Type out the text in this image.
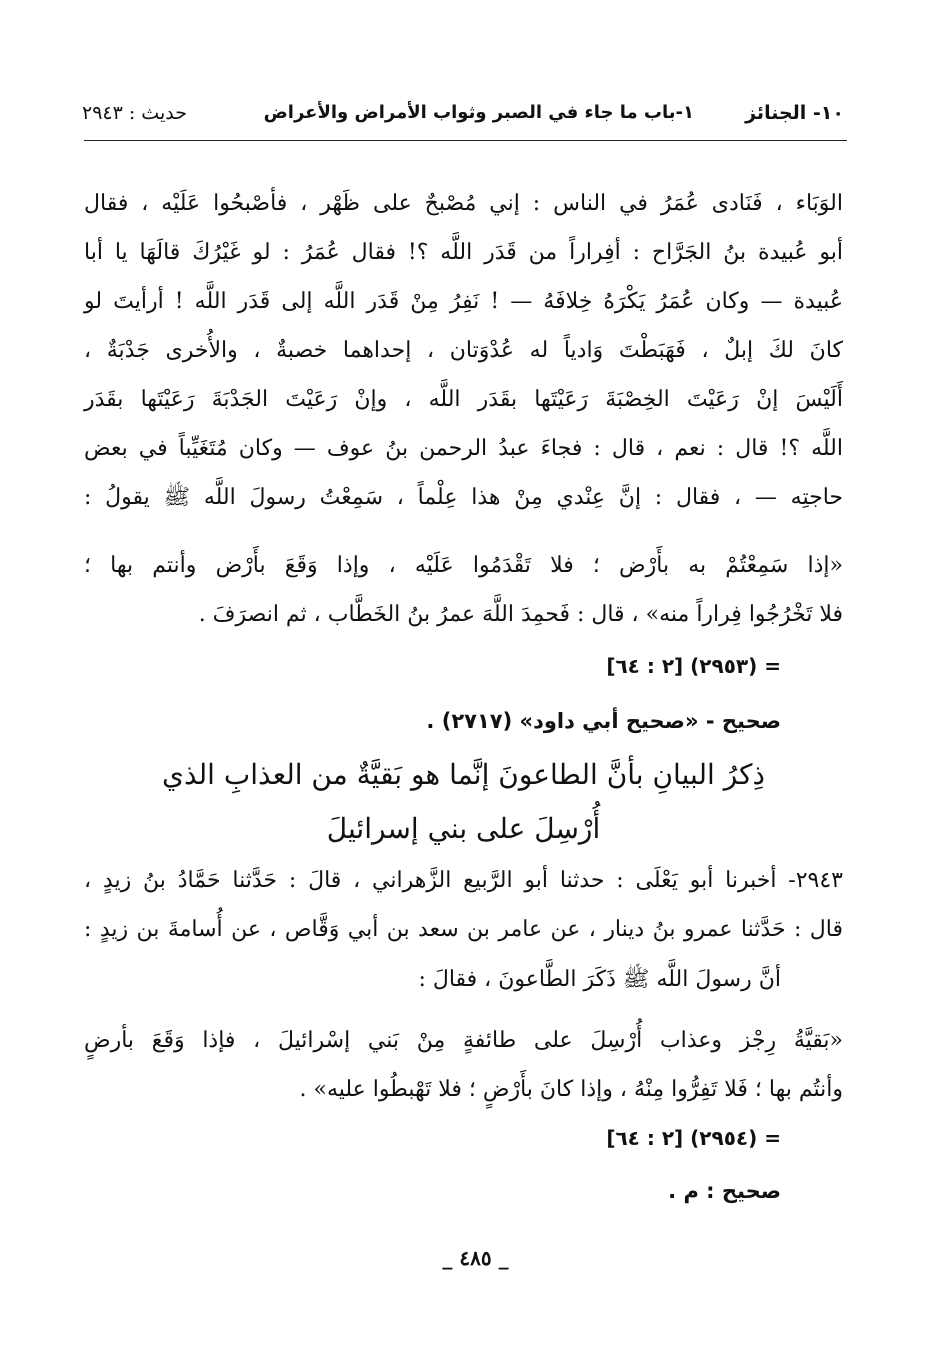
١٠- الجنائز
١-باب ما جاء في الصبر وثواب الأمراض والأعراض
حديث : ٢٩٤٣
الوَبَاء ، فَنَادى عُمَرُ في الناس : إني مُصْبحٌ على ظَهْر ، فأصْبحُوا عَلَيْه ، فقال
أبو عُبيدة بنُ الجَرَّاح : أفِراراً من قَدَر اللَّه ؟! فقال عُمَرُ : لو غَيْرُكَ قالَهَا يا أبا
عُبيدة — وكان عُمَرُ يَكْرَهُ خِلافَهُ — ! نَفِرُ مِنْ قَدَر اللَّه إلى قَدَر اللَّه ! أرأيتَ لو
كانَ لكَ إبلٌ ، فَهَبَطْتَ وَادياً له عُدْوَتان ، إحداهما خصبةٌ ، والأُخرى جَدْبَةٌ ،
أَلَيْسَ إنْ رَعَيْتَ الخِصْبَةَ رَعَيْتَها بقَدَر اللَّه ، وإنْ رَعَيْتَ الجَدْبَةَ رَعَيْتَها بقَدَر
اللَّه ؟! قال : نعم ، قال : فجاءَ عبدُ الرحمن بنُ عوف — وكان مُتَغَيِّباً في بعض
حاجتِه — ، فقال : إنَّ عِنْدي مِنْ هذا عِلْماً ، سَمِعْتُ رسولَ اللَّه ﷺ يقولُ :
«إذا سَمِعْتُمْ به بأَرْض ؛ فلا تَقْدَمُوا عَلَيْه ، وإذا وَقَعَ بأَرْض وأنتم بها ؛
فلا تَخْرُجُوا فِراراً منه» ، قال : فَحمِدَ اللَّهَ عمرُ بنُ الخَطَّاب ، ثم انصرَفَ .
= (٢٩٥٣) [٢ : ٦٤]
صحيح - «صحيح أبي داود» (٢٧١٧) .
ذِكرُ البيانِ بأنَّ الطاعونَ إنَّما هو بَقيَّةٌ من العذابِ الذي
أُرْسِلَ على بني إسرائيلَ
٢٩٤٣- أخبرنا أبو يَعْلَى : حدثنا أبو الرَّبيع الزَّهراني ، قالَ : حَدَّثنا حَمَّادُ بنُ زيدٍ ،
قال : حَدَّثنا عمرو بنُ دينار ، عن عامر بن سعد بن أبي وَقَّاص ، عن أُسامةَ بن زيدٍ :
أنَّ رسولَ اللَّه ﷺ ذَكَرَ الطَّاعونَ ، فقالَ :
«بَقيَّةُ رِجْز وعذاب أُرْسِلَ على طائفةٍ مِنْ بَني إسْرائيلَ ، فإذا وَقَعَ بأرضٍ
وأنتُم بها ؛ فَلا تَفِرُّوا مِنْهُ ، وإذا كانَ بأَرْضٍ ؛ فلا تَهْبطُوا عليه» .
= (٢٩٥٤) [٢ : ٦٤]
صحيح : م .
_ ٤٨٥ _
